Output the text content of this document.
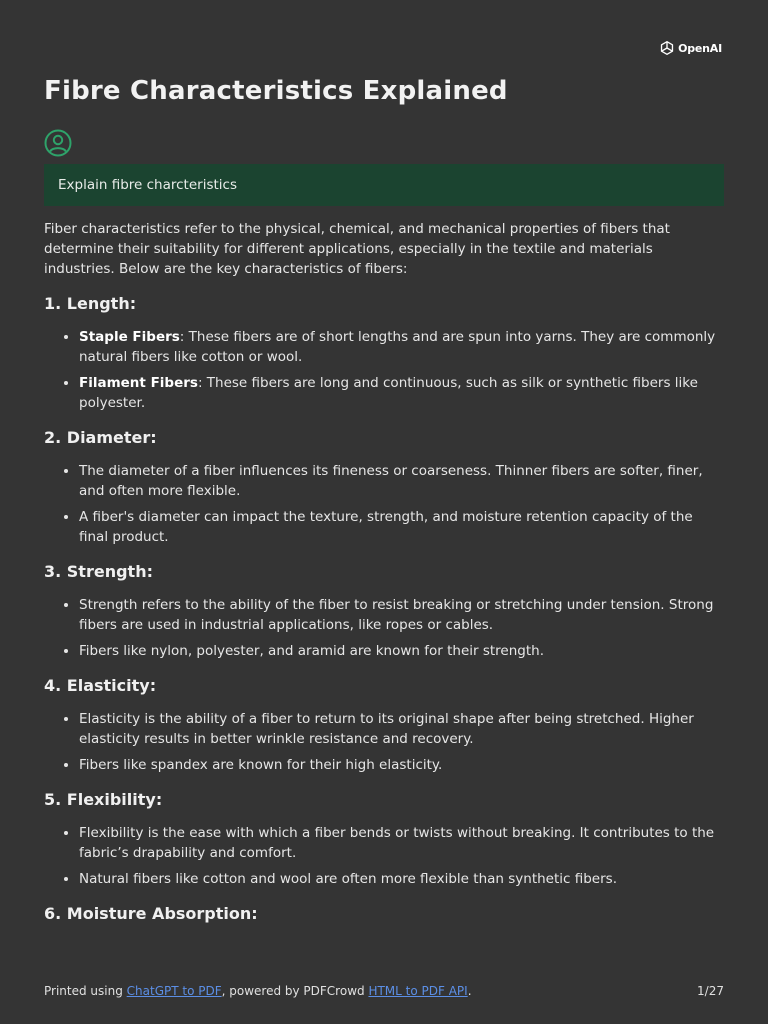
OpenAI
Fibre Characteristics Explained
Explain fibre charcteristics

Fiber characteristics refer to the physical, chemical, and mechanical properties of fibers that determine their suitability for different applications, especially in the textile and materials industries. Below are the key characteristics of fibers:

1. Length:
• Staple Fibers: These fibers are of short lengths and are spun into yarns. They are commonly natural fibers like cotton or wool.
• Filament Fibers: These fibers are long and continuous, such as silk or synthetic fibers like polyester.
2. Diameter:
• The diameter of a fiber influences its fineness or coarseness. Thinner fibers are softer, finer, and often more flexible.
• A fiber's diameter can impact the texture, strength, and moisture retention capacity of the final product.
3. Strength:
• Strength refers to the ability of the fiber to resist breaking or stretching under tension. Strong fibers are used in industrial applications, like ropes or cables.
• Fibers like nylon, polyester, and aramid are known for their strength.
4. Elasticity:
• Elasticity is the ability of a fiber to return to its original shape after being stretched. Higher elasticity results in better wrinkle resistance and recovery.
• Fibers like spandex are known for their high elasticity.
5. Flexibility:
• Flexibility is the ease with which a fiber bends or twists without breaking. It contributes to the fabric’s drapability and comfort.
• Natural fibers like cotton and wool are often more flexible than synthetic fibers.
6. Moisture Absorption:
Printed using ChatGPT to PDF, powered by PDFCrowd HTML to PDF API.	1/27
